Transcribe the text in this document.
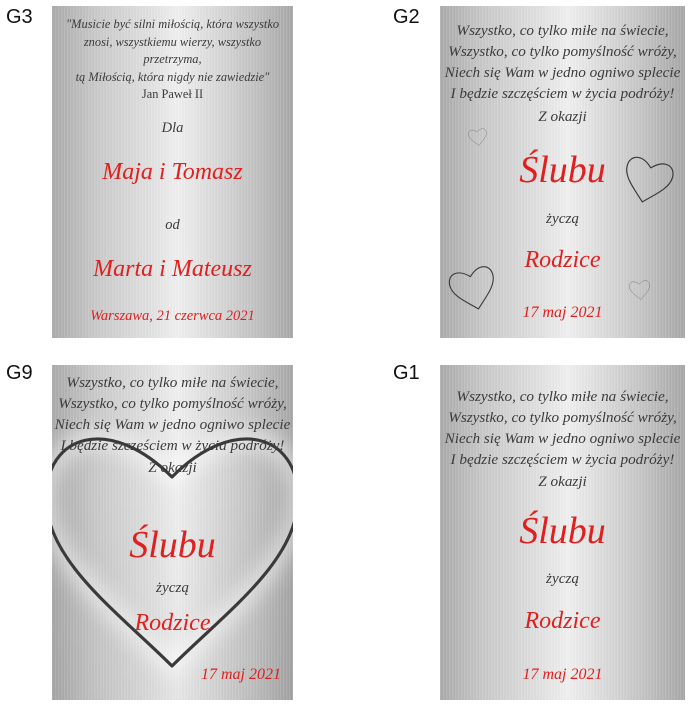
G3	"Musicie być silni miłością, która wszystko
znosi, wszystkiemu wierzy, wszystko
przetrzyma,
tą Miłością, która nigdy nie zawiedzie"
Jan Paweł II
Dla
Maja i Tomasz
od
Marta i Mateusz
Warszawa, 21 czerwca 2021
G2
Wszystko, co tylko miłe na świecie,
Wszystko, co tylko pomyślność wróży,
Niech się Wam w jedno ogniwo splecie
I będzie szczęściem w życia podróży!
Z okazji
Ślubu
życzą
Rodzice
17 maj 2021
G9	Wszystko, co tylko miłe na świecie,
Wszystko, co tylko pomyślność wróży,
Niech się Wam w jedno ogniwo splecie
I będzie szczęściem w życia podróży!
Z okazji
Ślubu
życzą
Rodzice
17 maj 2021
G1
Wszystko, co tylko miłe na świecie,
Wszystko, co tylko pomyślność wróży,
Niech się Wam w jedno ogniwo splecie
I będzie szczęściem w życia podróży!
Z okazji
Ślubu
życzą
Rodzice
17 maj 2021
